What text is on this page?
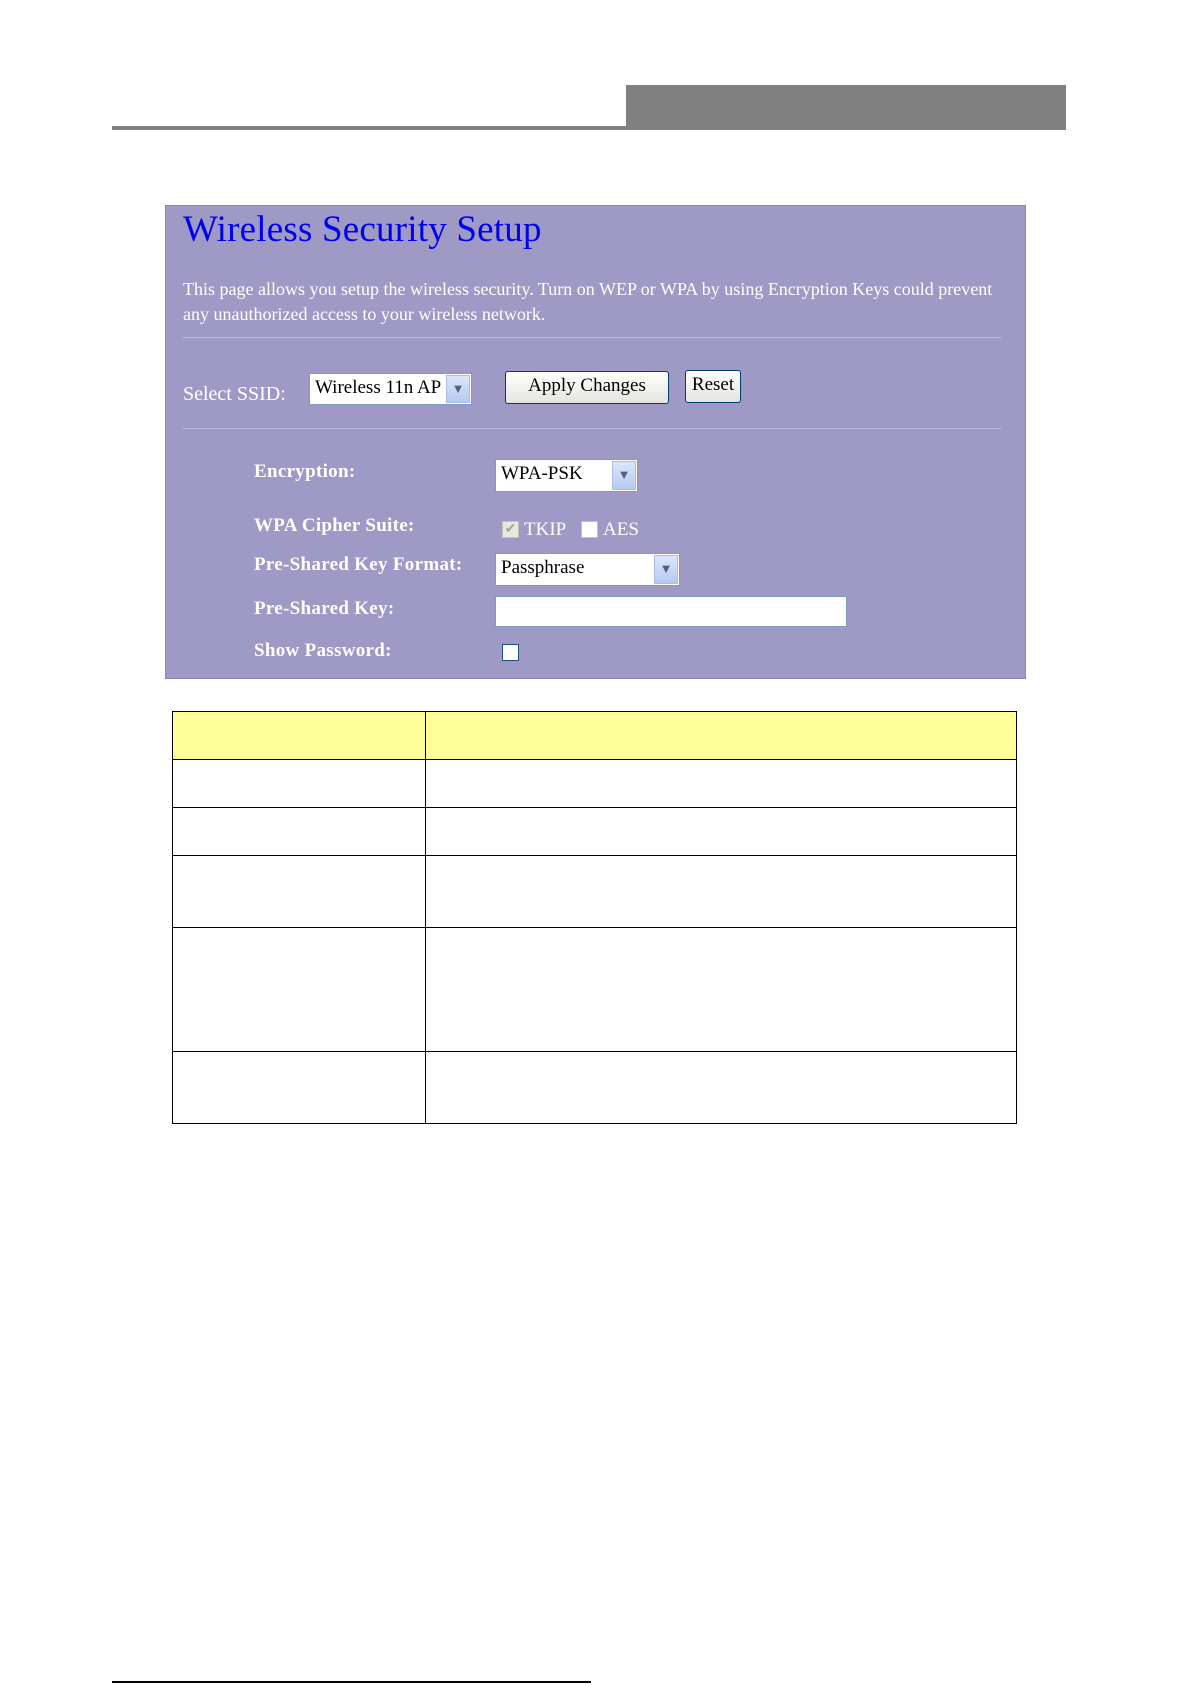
Wireless Security Setup
This page allows you setup the wireless security. Turn on WEP or WPA by using Encryption Keys could prevent any unauthorized access to your wireless network.
Select SSID:	Wireless 11n AP ▼	Apply Changes	Reset
Encryption:	WPA-PSK	▼
WPA Cipher Suite:	✔ TKIP AES
Pre-Shared Key Format:	Passphrase	▼
Pre-Shared Key:
Show Password:
